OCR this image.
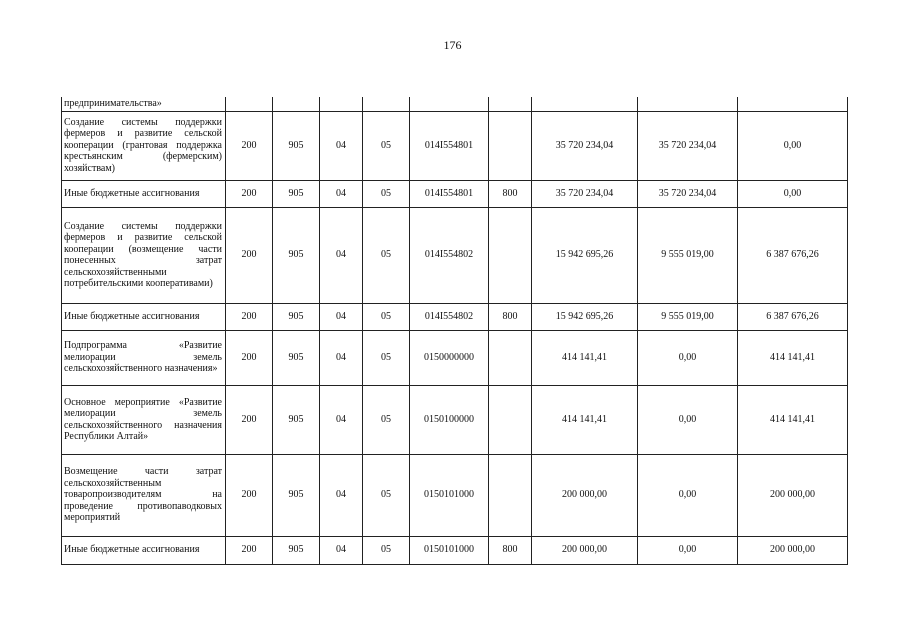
176
предпринимательства»									
Создание системы поддержки фермеров и развитие сельской кооперации (грантовая поддержка крестьянским (фермерским) хозяйствам)	200	905	04	05	014I554801		35 720 234,04	35 720 234,04	0,00
Иные бюджетные ассигнования	200	905	04	05	014I554801	800	35 720 234,04	35 720 234,04	0,00
Создание системы поддержки фермеров и развитие сельской кооперации (возмещение части понесенных затрат сельскохозяйственными потребительскими кооперативами)	200	905	04	05	014I554802		15 942 695,26	9 555 019,00	6 387 676,26
Иные бюджетные ассигнования	200	905	04	05	014I554802	800	15 942 695,26	9 555 019,00	6 387 676,26
Подпрограмма «Развитие мелиорации земель сельскохозяйственного назначения»	200	905	04	05	0150000000		414 141,41	0,00	414 141,41
Основное мероприятие «Развитие мелиорации земель сельскохозяйственного назначения Республики Алтай»	200	905	04	05	0150100000		414 141,41	0,00	414 141,41
Возмещение части затрат сельскохозяйственным товаропроизводителям на проведение противопаводковых мероприятий	200	905	04	05	0150101000		200 000,00	0,00	200 000,00
Иные бюджетные ассигнования	200	905	04	05	0150101000	800	200 000,00	0,00	200 000,00
